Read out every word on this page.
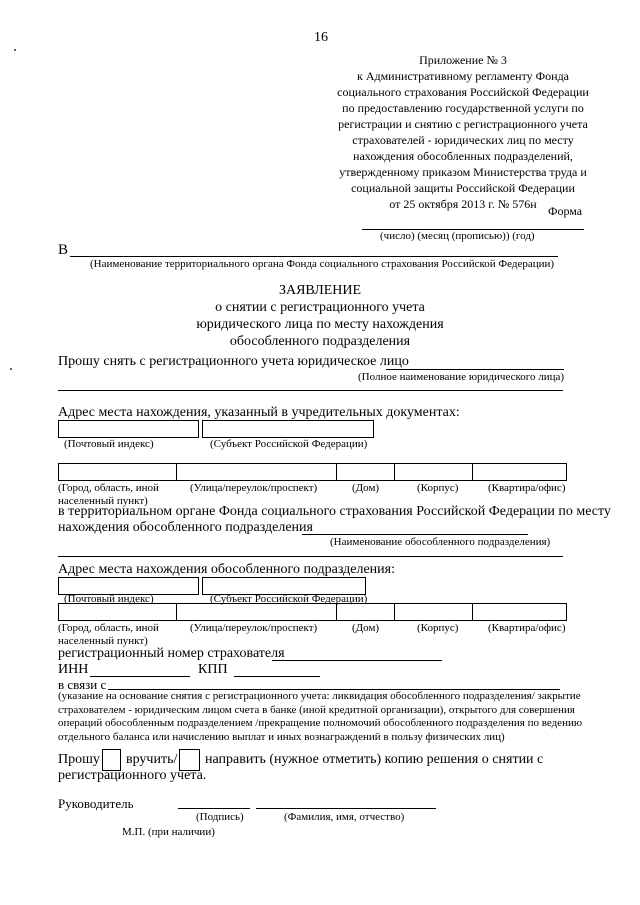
16
Приложение № 3
к Административному регламенту Фонда
социального страхования Российской Федерации
по предоставлению государственной услуги по
регистрации и снятию с регистрационного учета
страхователей - юридических лиц по месту
нахождения обособленных подразделений,
утвержденному приказом Министерства труда и
социальной защиты Российской Федерации
от 25 октября 2013 г. № 576н Форма
(число) (месяц (прописью)) (год)
В
(Наименование территориального органа Фонда социального страхования Российской Федерации)
ЗАЯВЛЕНИЕ
о снятии с регистрационного учета
юридического лица по месту нахождения
обособленного подразделения
Прошу снять с регистрационного учета юридическое лицо
(Полное наименование юридического лица)
Адрес места нахождения, указанный в учредительных документах:
(Почтовый индекс)	(Субъект Российской Федерации)
(Город, область, иной
населенный пункт)
(Улица/переулок/проспект)	(Дом)	(Корпус)	(Квартира/офис)
в территориальном органе Фонда социального страхования Российской Федерации по месту
нахождения обособленного подразделения
(Наименование обособленного подразделения)
Адрес места нахождения обособленного подразделения:
(Почтовый индекс)	(Субъект Российской Федерации)
(Город, область, иной
населенный пункт)
(Улица/переулок/проспект)	(Дом)	(Корпус)	(Квартира/офис)
регистрационный номер страхователя
ИНН	КПП
в связи с
(указание на основание снятия с регистрационного учета: ликвидация обособленного подразделения/ закрытие
страхователем - юридическим лицом счета в банке (иной кредитной организации), открытого для совершения
операций обособленным подразделением /прекращение полномочий обособленного подразделения по ведению
отдельного баланса или начислению выплат и иных вознаграждений в пользу физических лиц)
Прошу вручить/ направить (нужное отметить) копию решения о снятии с
регистрационного учета.
Руководитель
(Подпись)	(Фамилия, имя, отчество)
М.П. (при наличии)
